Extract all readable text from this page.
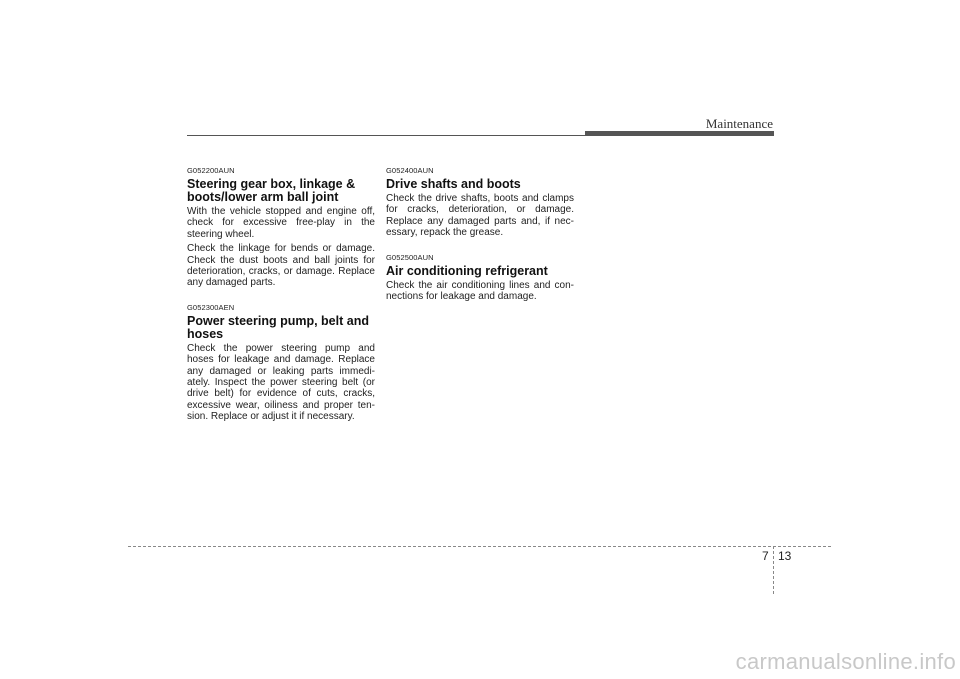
Maintenance
G052200AUN
Steering gear box, linkage & boots/lower arm ball joint

With the vehicle stopped and engine off, check for excessive free-play in the steering wheel.

Check the linkage for bends or damage. Check the dust boots and ball joints for deterioration, cracks, or damage. Replace any damaged parts.

G052300AEN
Power steering pump, belt and hoses

Check the power steering pump and hoses for leakage and damage. Replace any damaged or leaking parts immedi-ately. Inspect the power steering belt (or drive belt) for evidence of cuts, cracks, excessive wear, oiliness and proper ten-sion. Replace or adjust it if necessary.

G052400AUN
Drive shafts and boots

Check the drive shafts, boots and clamps for cracks, deterioration, or damage. Replace any damaged parts and, if nec-essary, repack the grease.

G052500AUN
Air conditioning refrigerant

Check the air conditioning lines and con-nections for leakage and damage.

7 13
carmanualsonline.info
